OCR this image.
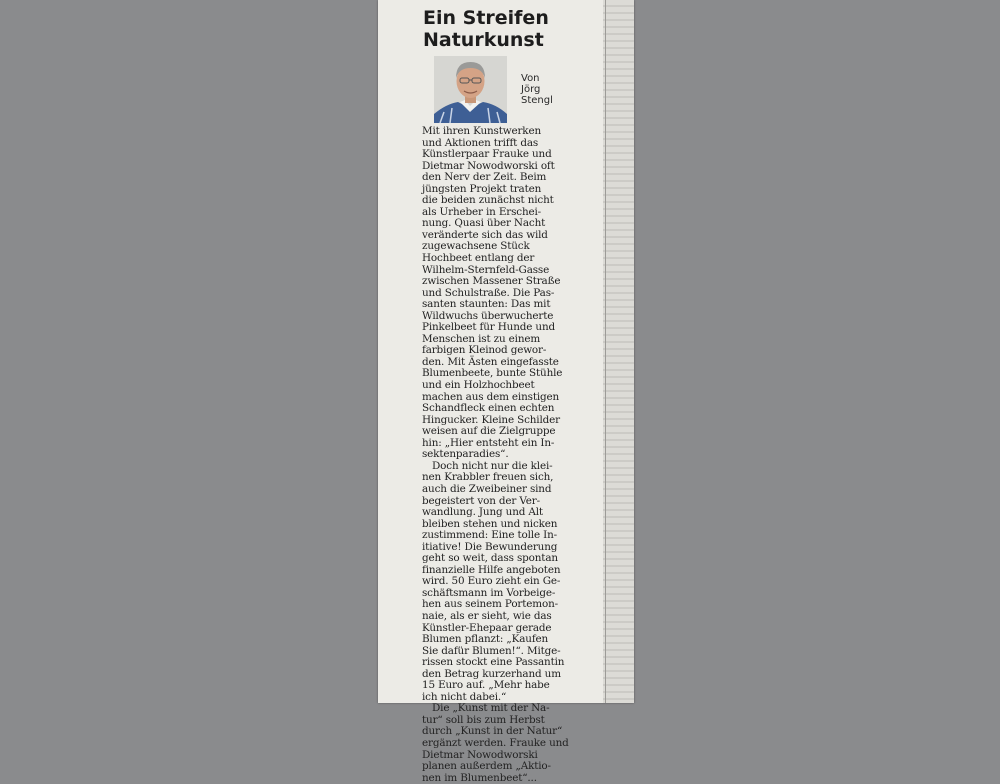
Ein Streifen
Naturkunst
Von
Jörg
Stengl

Mit ihren Kunstwerken
und Aktionen trifft das
Künstlerpaar Frauke und
Dietmar Nowodworski oft
den Nerv der Zeit. Beim
jüngsten Projekt traten
die beiden zunächst nicht
als Urheber in Erschei-
nung. Quasi über Nacht
veränderte sich das wild
zugewachsene Stück
Hochbeet entlang der
Wilhelm-Sternfeld-Gasse
zwischen Massener Straße
und Schulstraße. Die Pas-
santen staunten: Das mit
Wildwuchs überwucherte
Pinkelbeet für Hunde und
Menschen ist zu einem
farbigen Kleinod gewor-
den. Mit Ästen eingefasste
Blumenbeete, bunte Stühle
und ein Holzhochbeet
machen aus dem einstigen
Schandfleck einen echten
Hingucker. Kleine Schilder
weisen auf die Zielgruppe
hin: „Hier entsteht ein In-
sektenparadies“.

Doch nicht nur die klei-
nen Krabbler freuen sich,
auch die Zweibeiner sind
begeistert von der Ver-
wandlung. Jung und Alt
bleiben stehen und nicken
zustimmend: Eine tolle In-
itiative! Die Bewunderung
geht so weit, dass spontan
finanzielle Hilfe angeboten
wird. 50 Euro zieht ein Ge-
schäftsmann im Vorbeige-
hen aus seinem Portemon-
naie, als er sieht, wie das
Künstler-Ehepaar gerade
Blumen pflanzt: „Kaufen
Sie dafür Blumen!“. Mitge-
rissen stockt eine Passantin
den Betrag kurzerhand um
15 Euro auf. „Mehr habe
ich nicht dabei.“

Die „Kunst mit der Na-
tur“ soll bis zum Herbst
durch „Kunst in der Natur“
ergänzt werden. Frauke und
Dietmar Nowodworski
planen außerdem „Aktio-
nen im Blumenbeet“...
